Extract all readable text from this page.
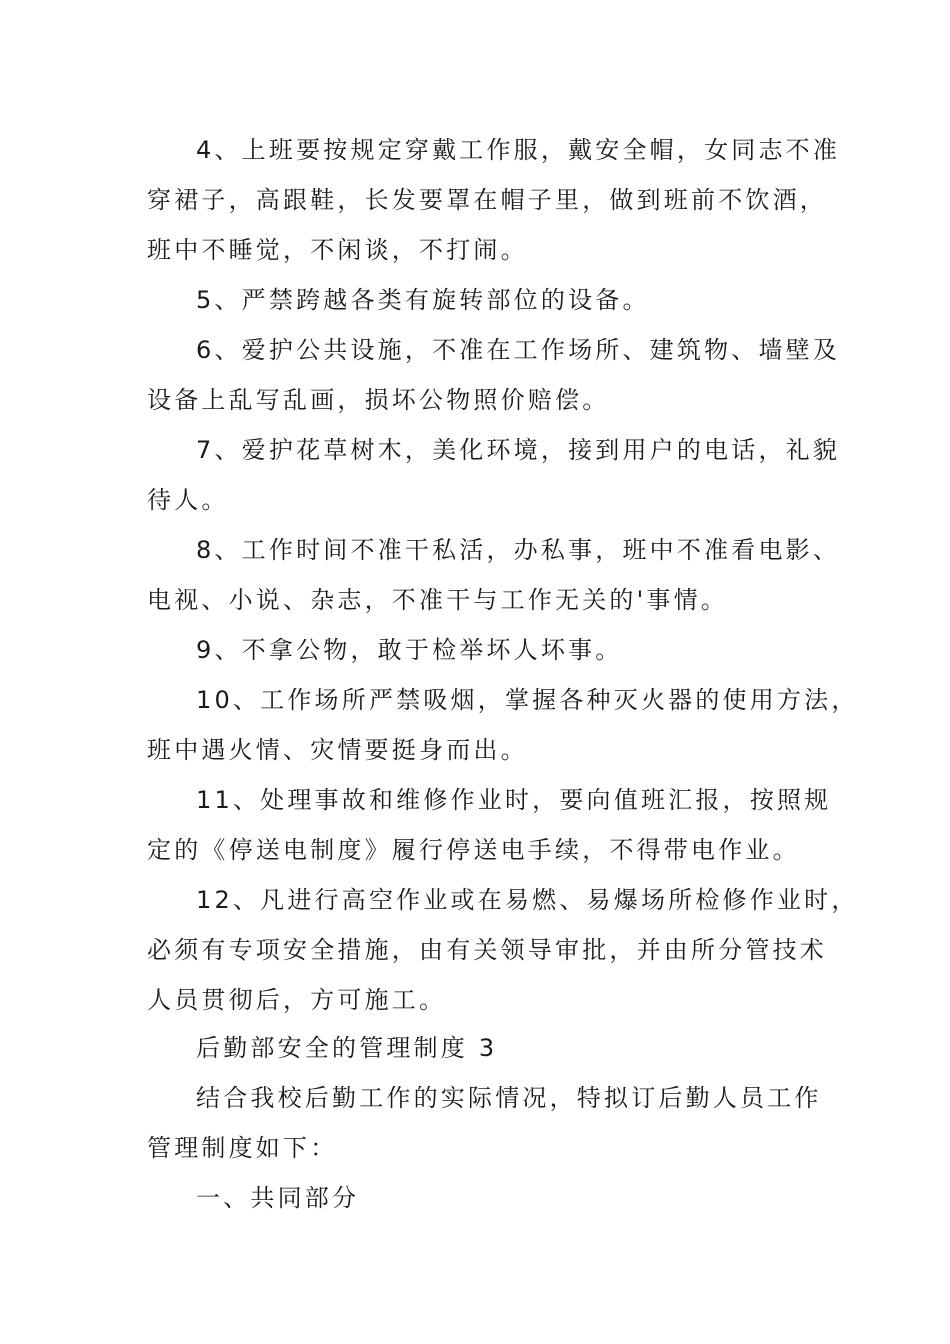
4、上班要按规定穿戴工作服，戴安全帽，女同志不准
穿裙子，高跟鞋，长发要罩在帽子里，做到班前不饮酒，
班中不睡觉，不闲谈，不打闹。
5、严禁跨越各类有旋转部位的设备。
6、爱护公共设施，不准在工作场所、建筑物、墙壁及
设备上乱写乱画，损坏公物照价赔偿。
7、爱护花草树木，美化环境，接到用户的电话，礼貌
待人。
8、工作时间不准干私活，办私事，班中不准看电影、
电视、小说、杂志，不准干与工作无关的'事情。
9、不拿公物，敢于检举坏人坏事。
10、工作场所严禁吸烟，掌握各种灭火器的使用方法，
班中遇火情、灾情要挺身而出。
11、处理事故和维修作业时，要向值班汇报，按照规
定的《停送电制度》履行停送电手续，不得带电作业。
12、凡进行高空作业或在易燃、易爆场所检修作业时，
必须有专项安全措施，由有关领导审批，并由所分管技术
人员贯彻后，方可施工。
后勤部安全的管理制度 3
结合我校后勤工作的实际情况，特拟订后勤人员工作
管理制度如下：
一、共同部分
